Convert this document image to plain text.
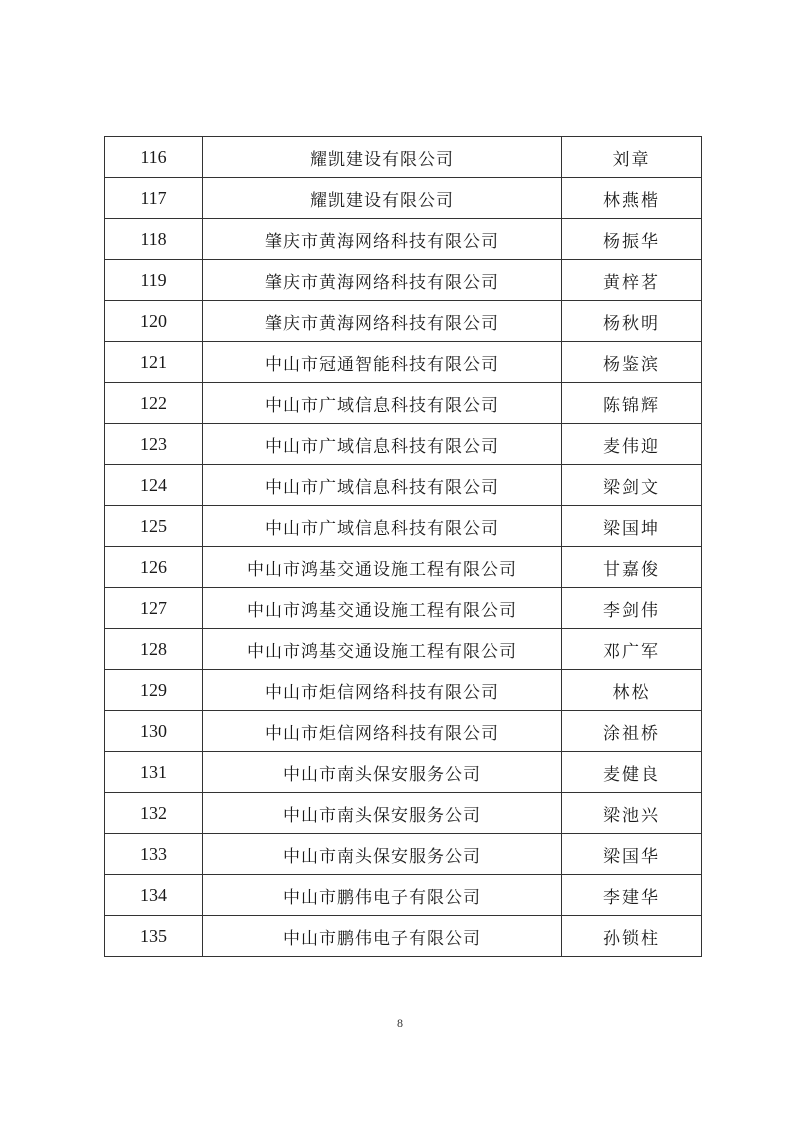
116	耀凯建设有限公司	刘章
117	耀凯建设有限公司	林燕楷
118	肇庆市黄海网络科技有限公司	杨振华
119	肇庆市黄海网络科技有限公司	黄梓茗
120	肇庆市黄海网络科技有限公司	杨秋明
121	中山市冠通智能科技有限公司	杨鉴滨
122	中山市广域信息科技有限公司	陈锦辉
123	中山市广域信息科技有限公司	麦伟迎
124	中山市广域信息科技有限公司	梁剑文
125	中山市广域信息科技有限公司	梁国坤
126	中山市鸿基交通设施工程有限公司	甘嘉俊
127	中山市鸿基交通设施工程有限公司	李剑伟
128	中山市鸿基交通设施工程有限公司	邓广军
129	中山市炬信网络科技有限公司	林松
130	中山市炬信网络科技有限公司	涂祖桥
131	中山市南头保安服务公司	麦健良
132	中山市南头保安服务公司	梁池兴
133	中山市南头保安服务公司	梁国华
134	中山市鹏伟电子有限公司	李建华
135	中山市鹏伟电子有限公司	孙锁柱
8
